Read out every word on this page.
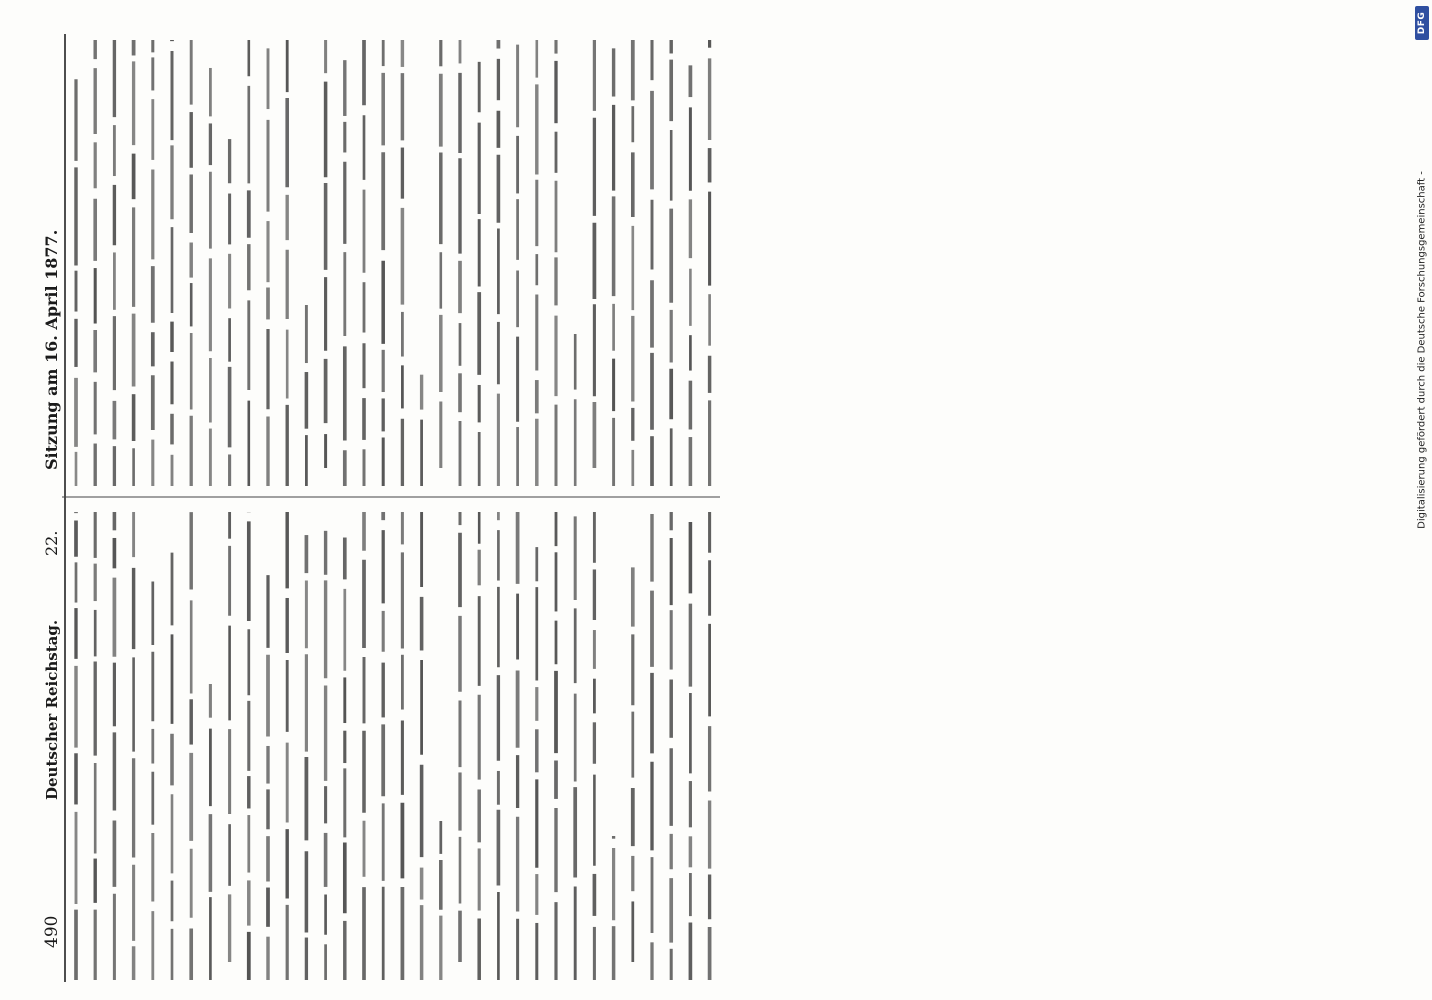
490
Deutscher Reichstag.
22.
Sitzung am 16. April 1877.
DFG
Digitalisierung gefördert durch die Deutsche Forschungsgemeinschaft -
